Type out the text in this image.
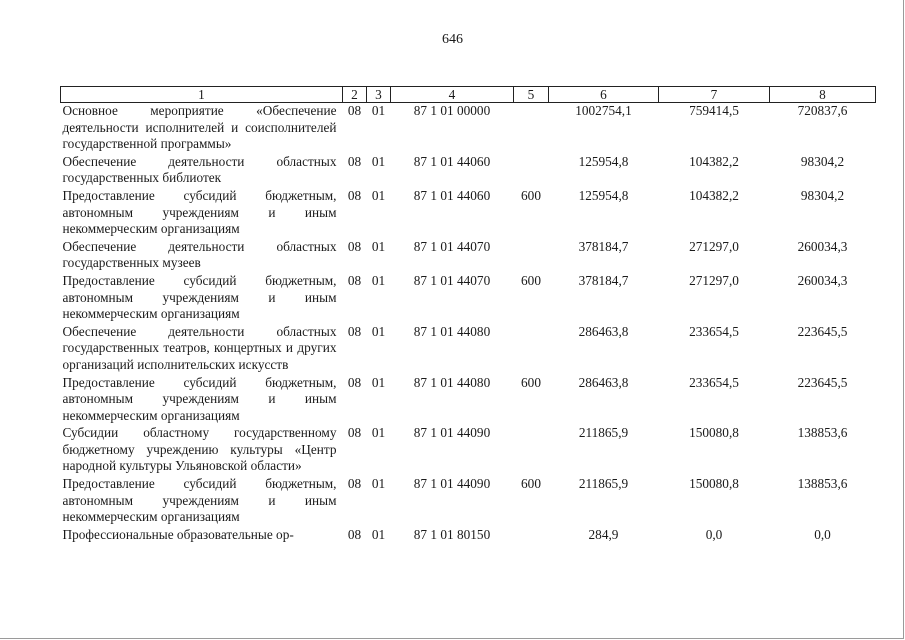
646
1	2	3	4	5	6	7	8
Основное мероприятие «Обеспечение деятельности исполнителей и соисполнителей государственной программы»	08	01	87 1 01 00000		1002754,1	759414,5	720837,6
Обеспечение деятельности областных государственных библиотек	08	01	87 1 01 44060		125954,8	104382,2	98304,2
Предоставление субсидий бюджетным, автономным учреждениям и иным некоммерческим организациям	08	01	87 1 01 44060	600	125954,8	104382,2	98304,2
Обеспечение деятельности областных государственных музеев	08	01	87 1 01 44070		378184,7	271297,0	260034,3
Предоставление субсидий бюджетным, автономным учреждениям и иным некоммерческим организациям	08	01	87 1 01 44070	600	378184,7	271297,0	260034,3
Обеспечение деятельности областных государственных театров, концертных и других организаций исполнительских искусств	08	01	87 1 01 44080		286463,8	233654,5	223645,5
Предоставление субсидий бюджетным, автономным учреждениям и иным некоммерческим организациям	08	01	87 1 01 44080	600	286463,8	233654,5	223645,5
Субсидии областному государственному бюджетному учреждению культуры «Центр народной культуры Ульяновской области»	08	01	87 1 01 44090		211865,9	150080,8	138853,6
Предоставление субсидий бюджетным, автономным учреждениям и иным некоммерческим организациям	08	01	87 1 01 44090	600	211865,9	150080,8	138853,6
Профессиональные образовательные ор-	08	01	87 1 01 80150		284,9	0,0	0,0
